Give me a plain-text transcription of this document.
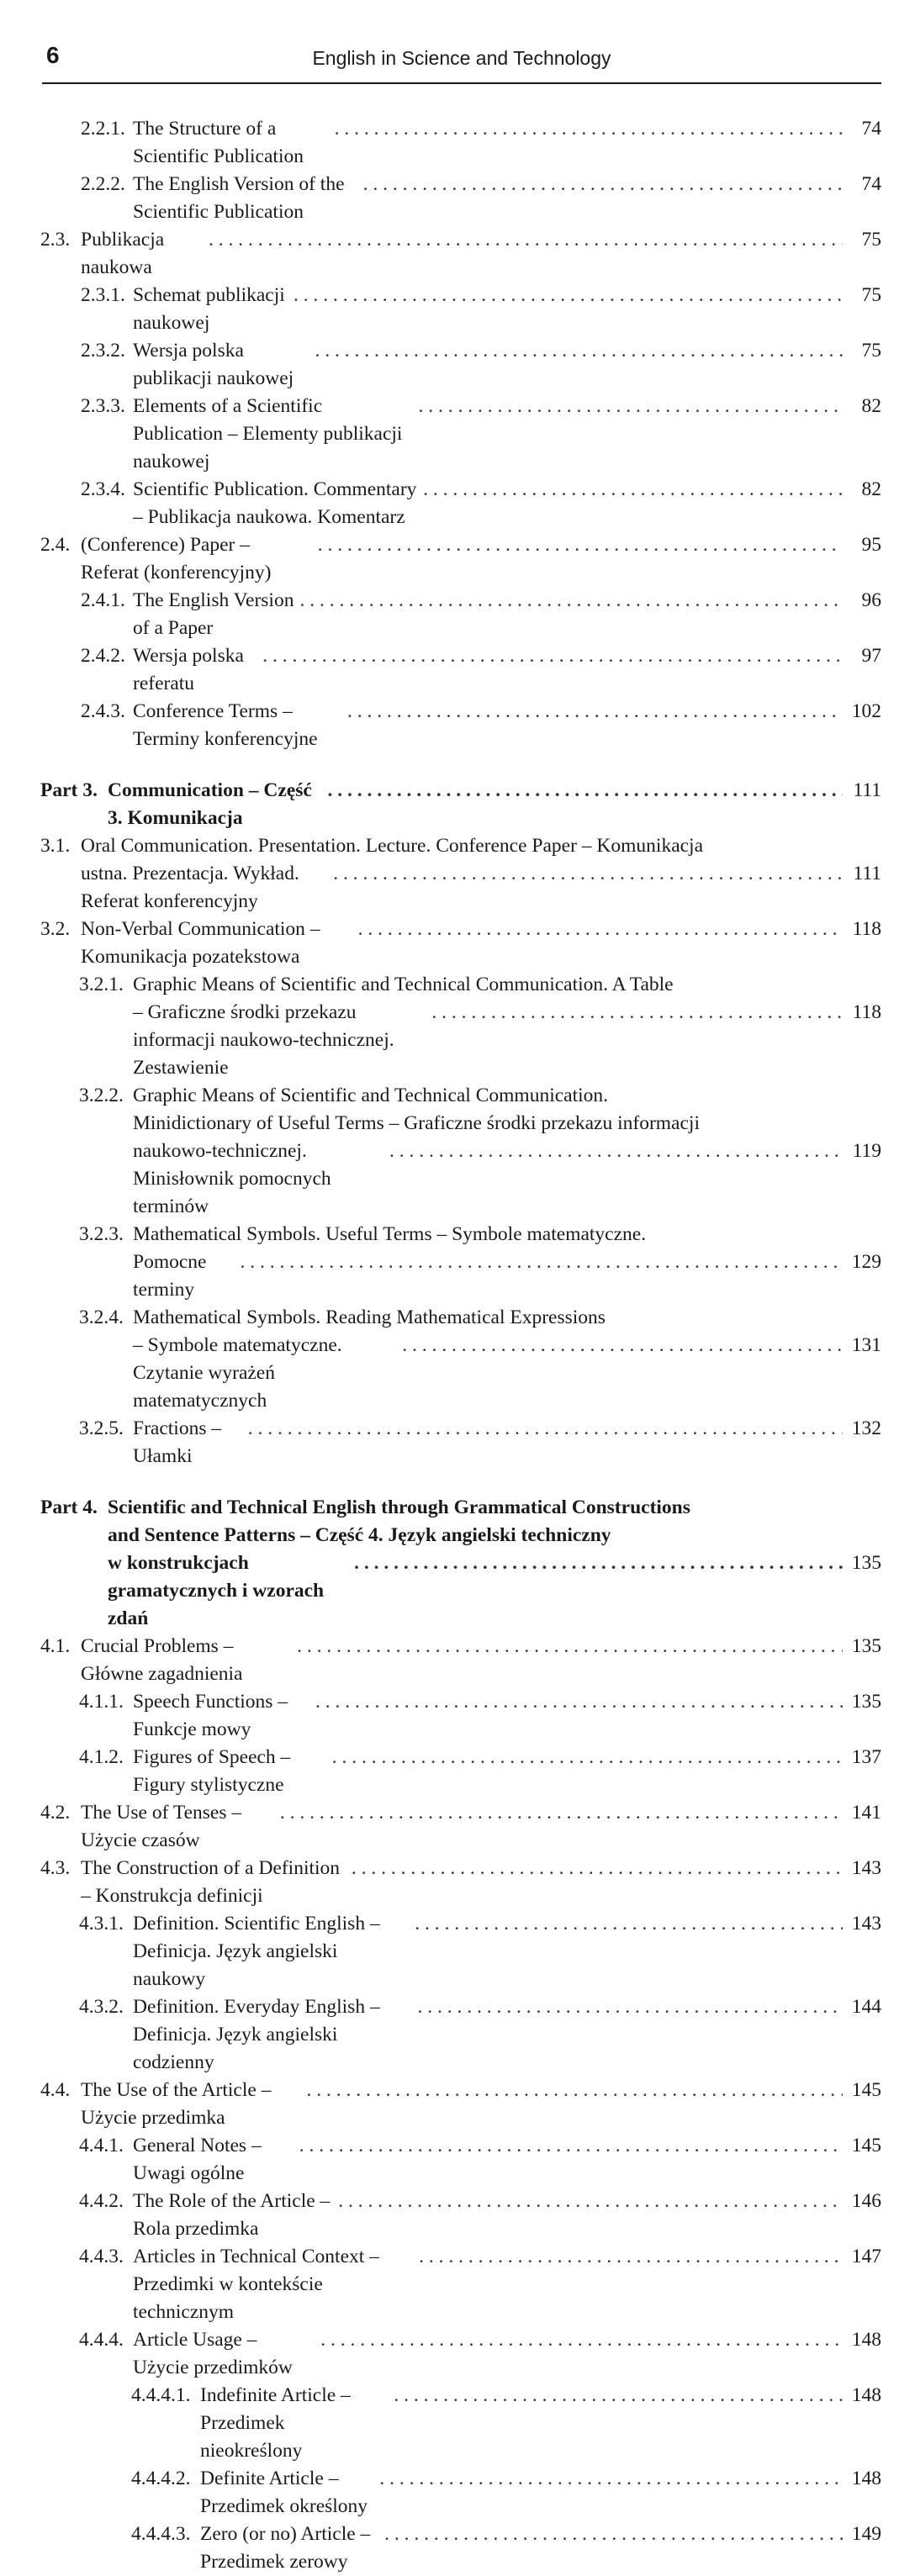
6	English in Science and Technology
2.2.1. The Structure of a Scientific Publication
. . .
74
2.2.2. The English Version of the Scientific Publication
. . .
74
2.3. Publikacja naukowa
. . .
75
2.3.1. Schemat publikacji naukowej
. . .
75
2.3.2. Wersja polska publikacji naukowej
. . .
75
2.3.3. Elements of a Scientific Publication – Elementy publikacji naukowej
. . .
82
2.3.4. Scientific Publication. Commentary – Publikacja naukowa. Komentarz
. . .
82
2.4. (Conference) Paper – Referat (konferencyjny)
. . .
95
2.4.1. The English Version of a Paper
. . .
96
2.4.2. Wersja polska referatu
. . .
97
2.4.3. Conference Terms – Terminy konferencyjne
. . .
102
Part 3. Communication – Część 3. Komunikacja
. . .
111
3.1. Oral Communication. Presentation. Lecture. Conference Paper – Komunikacja
ustna. Prezentacja. Wykład. Referat konferencyjny
. . .
111
3.2. Non-Verbal Communication – Komunikacja pozatekstowa
. . .
118
3.2.1. Graphic Means of Scientific and Technical Communication. A Table
– Graficzne środki przekazu informacji naukowo-technicznej. Zestawienie
. . .
118
3.2.2. Graphic Means of Scientific and Technical Communication.
Minidictionary of Useful Terms – Graficzne środki przekazu informacji
naukowo-technicznej. Minisłownik pomocnych terminów
. . .
119
3.2.3. Mathematical Symbols. Useful Terms – Symbole matematyczne.
Pomocne terminy
. . .
129
3.2.4. Mathematical Symbols. Reading Mathematical Expressions
– Symbole matematyczne. Czytanie wyrażeń matematycznych
. . .
131
3.2.5. Fractions – Ułamki
. . .
132
Part 4. Scientific and Technical English through Grammatical Constructions
and Sentence Patterns – Część 4. Język angielski techniczny
w konstrukcjach gramatycznych i wzorach zdań
. . .
135
4.1. Crucial Problems – Główne zagadnienia
. . .
135
4.1.1. Speech Functions – Funkcje mowy
. . .
135
4.1.2. Figures of Speech – Figury stylistyczne
. . .
137
4.2. The Use of Tenses – Użycie czasów
. . .
141
4.3. The Construction of a Definition – Konstrukcja definicji
. . .
143
4.3.1. Definition. Scientific English – Definicja. Język angielski naukowy
. . .
143
4.3.2. Definition. Everyday English – Definicja. Język angielski codzienny
. . .
144
4.4. The Use of the Article – Użycie przedimka
. . .
145
4.4.1. General Notes – Uwagi ogólne
. . .
145
4.4.2. The Role of the Article – Rola przedimka
. . .
146
4.4.3. Articles in Technical Context – Przedimki w kontekście technicznym
. . .
147
4.4.4. Article Usage – Użycie przedimków
. . .
148
4.4.4.1. Indefinite Article – Przedimek nieokreślony
. . .
148
4.4.4.2. Definite Article – Przedimek określony
. . .
148
4.4.4.3. Zero (or no) Article – Przedimek zerowy
. . .
149
